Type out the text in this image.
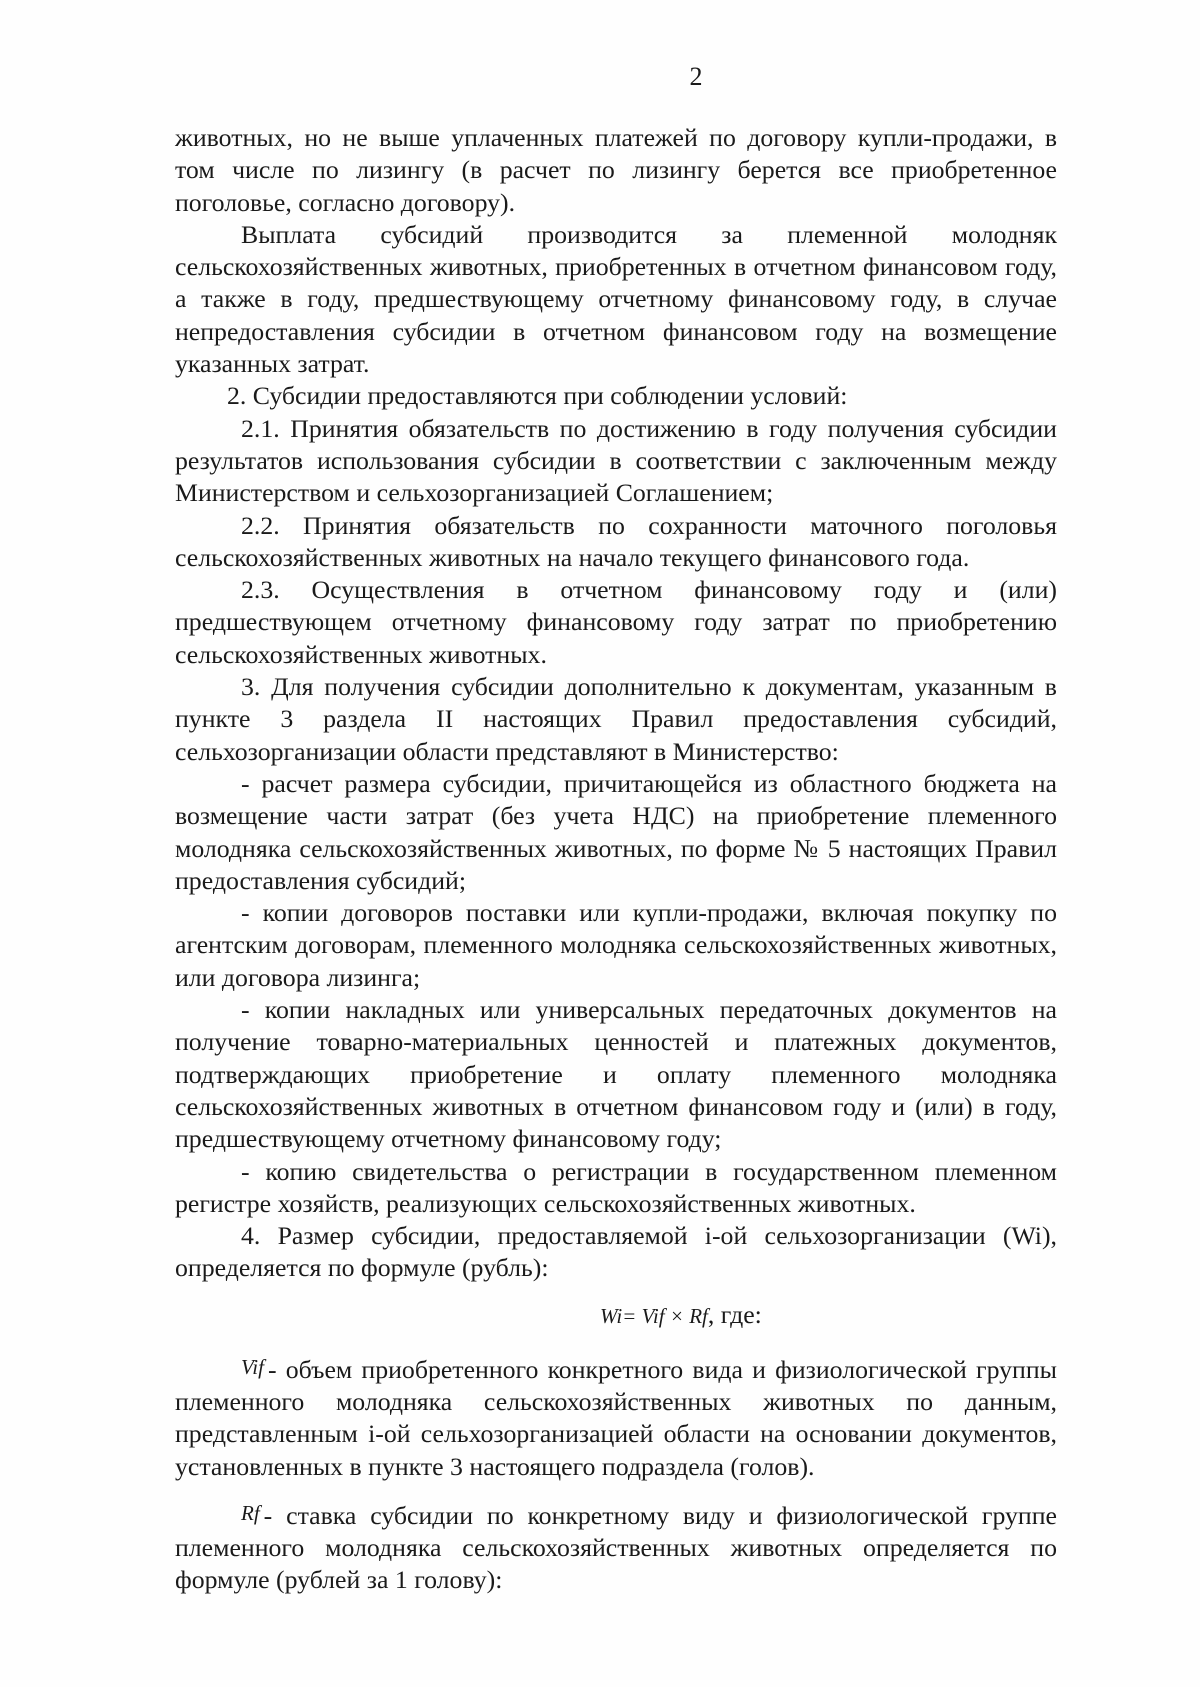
2

животных, но не выше уплаченных платежей по договору купли-продажи, в том числе по лизингу (в расчет по лизингу берется все приобретенное поголовье, согласно договору).

Выплата субсидий производится за племенной молодняк сельскохозяйственных животных, приобретенных в отчетном финансовом году, а также в году, предшествующему отчетному финансовому году, в случае непредоставления субсидии в отчетном финансовом году на возмещение указанных затрат.

2. Субсидии предоставляются при соблюдении условий:

2.1. Принятия обязательств по достижению в году получения субсидии результатов использования субсидии в соответствии с заключенным между Министерством и сельхозорганизацией Соглашением;

2.2. Принятия обязательств по сохранности маточного поголовья сельскохозяйственных животных на начало текущего финансового года.

2.3. Осуществления в отчетном финансовому году и (или) предшествующем отчетному финансовому году затрат по приобретению сельскохозяйственных животных.

3. Для получения субсидии дополнительно к документам, указанным в пункте 3 раздела II настоящих Правил предоставления субсидий, сельхозорганизации области представляют в Министерство:

- расчет размера субсидии, причитающейся из областного бюджета на возмещение части затрат (без учета НДС) на приобретение племенного молодняка сельскохозяйственных животных, по форме № 5 настоящих Правил предоставления субсидий;

- копии договоров поставки или купли-продажи, включая покупку по агентским договорам, племенного молодняка сельскохозяйственных животных, или договора лизинга;

- копии накладных или универсальных передаточных документов на получение товарно-материальных ценностей и платежных документов, подтверждающих приобретение и оплату племенного молодняка сельскохозяйственных животных в отчетном финансовом году и (или) в году, предшествующему отчетному финансовому году;

- копию свидетельства о регистрации в государственном племенном регистре хозяйств, реализующих сельскохозяйственных животных.

4. Размер субсидии, предоставляемой i-ой сельхозорганизации (Wi), определяется по формуле (рубль):

Wi= Vif × Rf, где:

Vif - объем приобретенного конкретного вида и физиологической группы племенного молодняка сельскохозяйственных животных по данным, представленным i-ой сельхозорганизацией области на основании документов, установленных в пункте 3 настоящего подраздела (голов).

Rf - ставка субсидии по конкретному виду и физиологической группе племенного молодняка сельскохозяйственных животных определяется по формуле (рублей за 1 голову):
